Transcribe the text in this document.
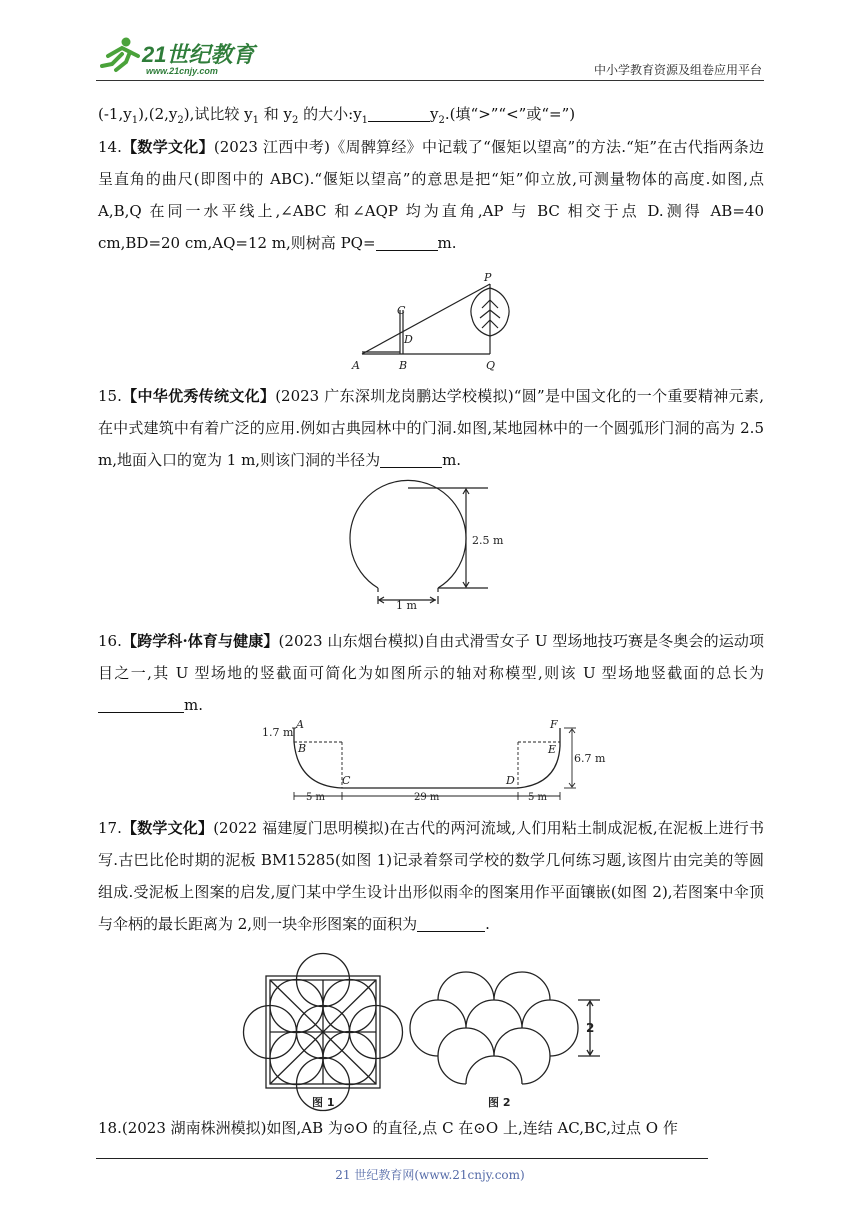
21世纪教育
www.21cnjy.com	中小学教育资源及组卷应用平台
$(-1,y_1),(2,y_2)$,试比较 $y_1$ 和 $y_2$ 的大小$:y_1$	$y_2$.(填“>”“<”或“=”)
14.【数学文化】(2023 江西中考)《周髀算经》中记载了“偃矩以望高”的方法.“矩”在古代指两条边呈直角的曲尺(即图中的 ABC).“偃矩以望高”的意思是把“矩”仰立放,可测量物体的高度.如图,点 A,B,Q 在同一水平线上,∠ABC 和∠AQP 均为直角,AP 与 BC 相交于点 D.测得 AB=40 cm,BD=20 cm,AQ=12 m,则树高 PQ=	m.
P
C
D
A	B	Q
15.【中华优秀传统文化】(2023 广东深圳龙岗鹏达学校模拟)“圆”是中国文化的一个重要精神元素,在中式建筑中有着广泛的应用.例如古典园林中的门洞.如图,某地园林中的一个圆弧形门洞的高为 2.5 m,地面入口的宽为 1 m,则该门洞的半径为	m.
2.5 m
1 m
16.【跨学科·体育与健康】(2023 山东烟台模拟)自由式滑雪女子 U 型场地技巧赛是冬奥会的运动项目之一,其 U 型场地的竖截面可简化为如图所示的轴对称模型,则该 U 型场地竖截面的总长为m.
1.7 m
6.7 m
5 m	29 m	5 m
A
B
C	D
E
F
17.【数学文化】(2022 福建厦门思明模拟)在古代的两河流域,人们用粘土制成泥板,在泥板上进行书写.古巴比伦时期的泥板 BM15285(如图 1)记录着祭司学校的数学几何练习题,该图片由完美的等圆组成.受泥板上图案的启发,厦门某中学生设计出形似雨伞的图案用作平面镶嵌(如图 2),若图案中伞顶与伞柄的最长距离为 2,则一块伞形图案的面积为	.
图 1
2
图 2
18.(2023 湖南株洲模拟)如图,AB 为⊙O 的直径,点 C 在⊙O 上,连结 AC,BC,过点 O 作
21 世纪教育网(www.21cnjy.com)
